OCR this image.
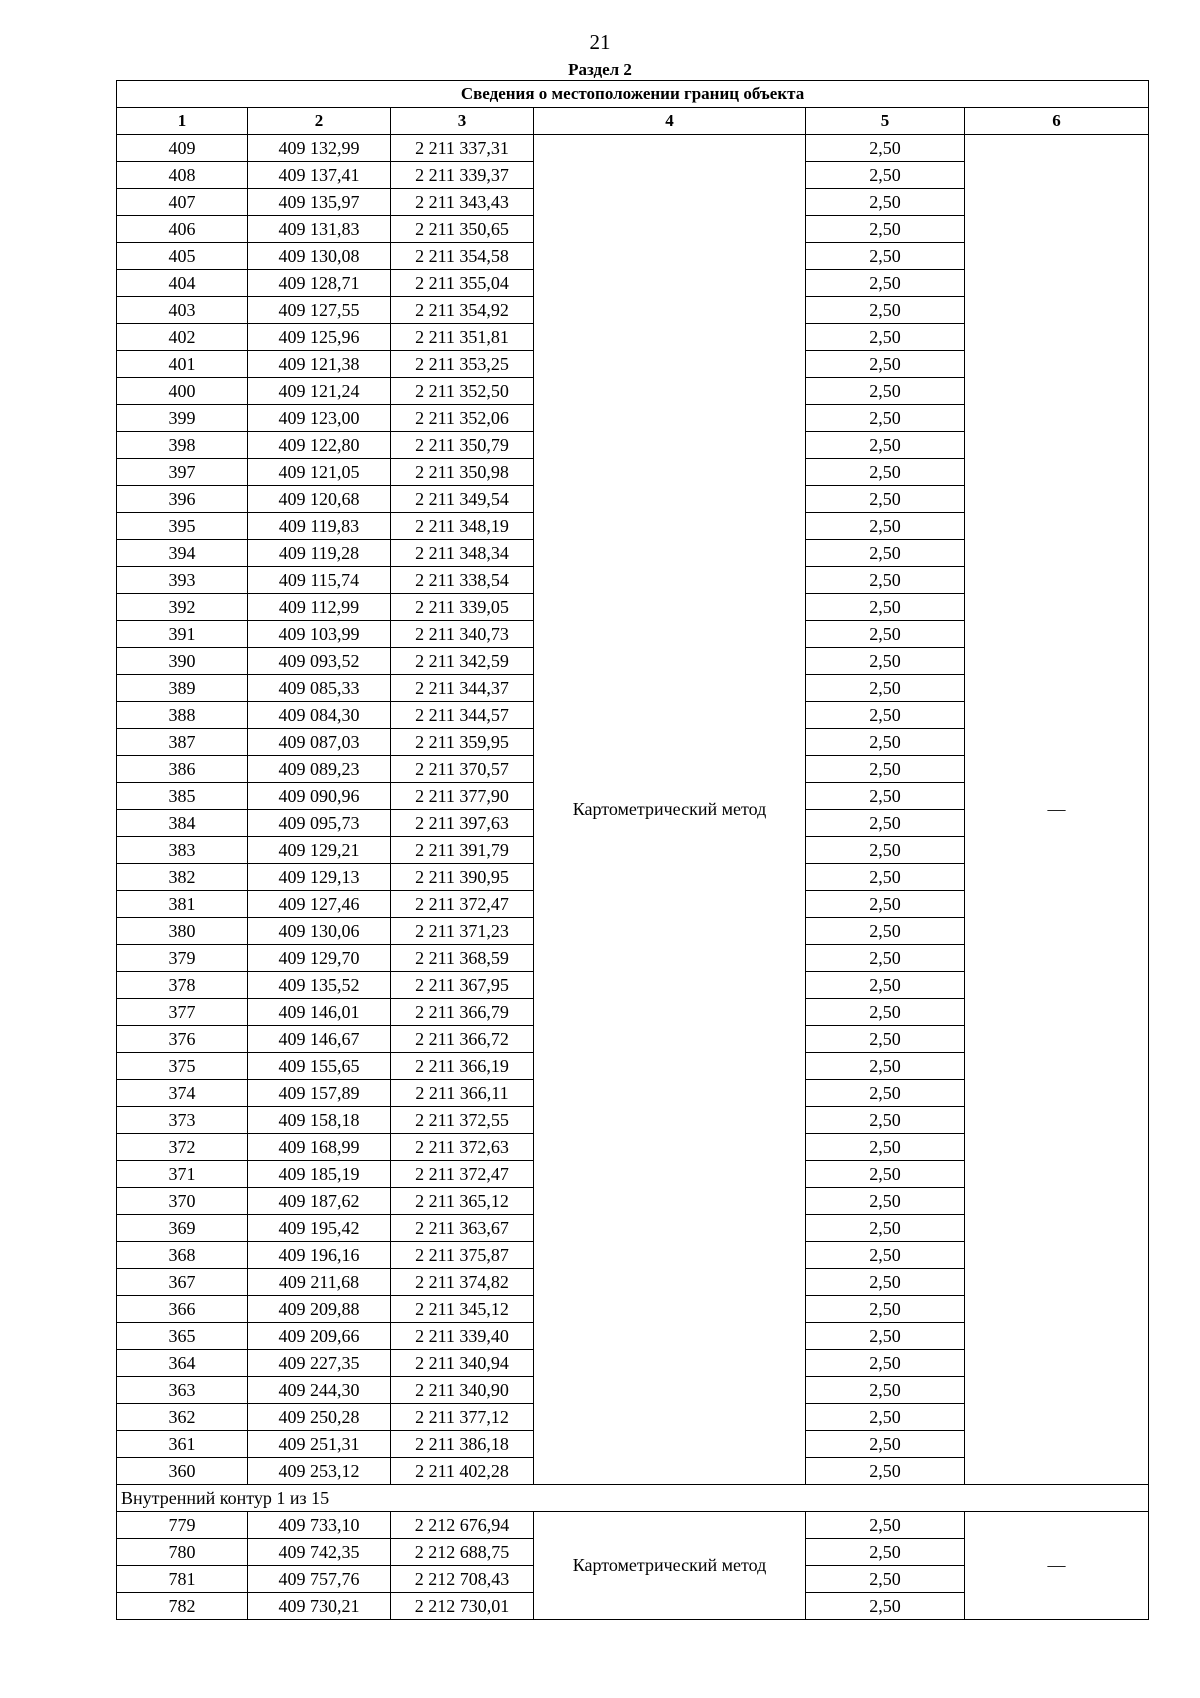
21
Раздел 2
Сведения о местоположении границ объекта					
1	2	3	4	5	6
409	409 132,99	2 211 337,31	Картометрический метод	2,50	—
408	409 137,41	2 211 339,37		2,50	
407	409 135,97	2 211 343,43		2,50	
406	409 131,83	2 211 350,65		2,50	
405	409 130,08	2 211 354,58		2,50	
404	409 128,71	2 211 355,04		2,50	
403	409 127,55	2 211 354,92		2,50	
402	409 125,96	2 211 351,81		2,50	
401	409 121,38	2 211 353,25		2,50	
400	409 121,24	2 211 352,50		2,50	
399	409 123,00	2 211 352,06		2,50	
398	409 122,80	2 211 350,79		2,50	
397	409 121,05	2 211 350,98		2,50	
396	409 120,68	2 211 349,54		2,50	
395	409 119,83	2 211 348,19		2,50	
394	409 119,28	2 211 348,34		2,50	
393	409 115,74	2 211 338,54		2,50	
392	409 112,99	2 211 339,05		2,50	
391	409 103,99	2 211 340,73		2,50	
390	409 093,52	2 211 342,59		2,50	
389	409 085,33	2 211 344,37		2,50	
388	409 084,30	2 211 344,57		2,50	
387	409 087,03	2 211 359,95		2,50	
386	409 089,23	2 211 370,57		2,50	
385	409 090,96	2 211 377,90		2,50	
384	409 095,73	2 211 397,63		2,50	
383	409 129,21	2 211 391,79		2,50	
382	409 129,13	2 211 390,95		2,50	
381	409 127,46	2 211 372,47		2,50	
380	409 130,06	2 211 371,23		2,50	
379	409 129,70	2 211 368,59		2,50	
378	409 135,52	2 211 367,95		2,50	
377	409 146,01	2 211 366,79		2,50	
376	409 146,67	2 211 366,72		2,50	
375	409 155,65	2 211 366,19		2,50	
374	409 157,89	2 211 366,11		2,50	
373	409 158,18	2 211 372,55		2,50	
372	409 168,99	2 211 372,63		2,50	
371	409 185,19	2 211 372,47		2,50	
370	409 187,62	2 211 365,12		2,50	
369	409 195,42	2 211 363,67		2,50	
368	409 196,16	2 211 375,87		2,50	
367	409 211,68	2 211 374,82		2,50	
366	409 209,88	2 211 345,12		2,50	
365	409 209,66	2 211 339,40		2,50	
364	409 227,35	2 211 340,94		2,50	
363	409 244,30	2 211 340,90		2,50	
362	409 250,28	2 211 377,12		2,50	
361	409 251,31	2 211 386,18		2,50	
360	409 253,12	2 211 402,28		2,50	
Внутренний контур 1 из 15					
779	409 733,10	2 212 676,94	Картометрический метод	2,50	—
780	409 742,35	2 212 688,75		2,50	
781	409 757,76	2 212 708,43		2,50	
782	409 730,21	2 212 730,01		2,50	
